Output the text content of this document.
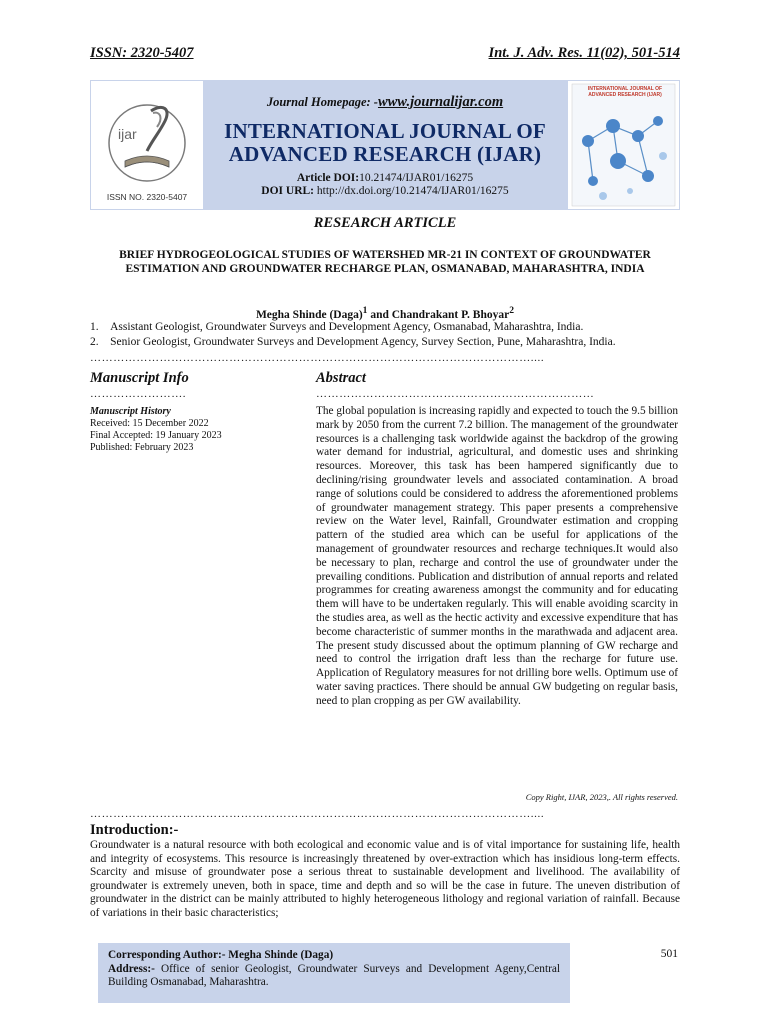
ISSN: 2320-5407	Int. J. Adv. Res. 11(02), 501-514
ijar
ISSN NO. 2320-5407
Journal Homepage: -www.journalijar.com
INTERNATIONAL JOURNAL OF
ADVANCED RESEARCH (IJAR)
Article DOI:10.21474/IJAR01/16275
DOI URL: http://dx.doi.org/10.21474/IJAR01/16275
INTERNATIONAL JOURNAL OF ADVANCED RESEARCH (IJAR)
RESEARCH ARTICLE
BRIEF HYDROGEOLOGICAL STUDIES OF WATERSHED MR-21 IN CONTEXT OF GROUNDWATER ESTIMATION AND GROUNDWATER RECHARGE PLAN, OSMANABAD, MAHARASHTRA, INDIA
Megha Shinde (Daga)$^1$ and Chandrakant P. Bhoyar$^2$
1. Assistant Geologist, Groundwater Surveys and Development Agency, Osmanabad, Maharashtra, India.
2. Senior Geologist, Groundwater Surveys and Development Agency, Survey Section, Pune, Maharashtra, India.
……………………………………………………………………………………………………....
Manuscript Info	Abstract
…………………….	………………………………………………………………
Manuscript History
Received: 15 December 2022
Final Accepted: 19 January 2023
Published: February 2023
The global population is increasing rapidly and expected to touch the 9.5 billion mark by 2050 from the current 7.2 billion. The management of the groundwater resources is a challenging task worldwide against the backdrop of the growing water demand for industrial, agricultural, and domestic uses and shrinking resources. Moreover, this task has been hampered significantly due to declining/rising groundwater levels and associated contamination. A broad range of solutions could be considered to address the aforementioned problems of groundwater management strategy. This paper presents a comprehensive review on the Water level, Rainfall, Groundwater estimation and cropping pattern of the studied area which can be useful for applications of the management of groundwater resources and recharge techniques.It would also be necessary to plan, recharge and control the use of groundwater under the prevailing conditions. Publication and distribution of annual reports and related programmes for creating awareness amongst the community and for educating them will have to be undertaken regularly. This will enable avoiding scarcity in the studies area, as well as the hectic activity and excessive expenditure that has become characteristic of summer months in the marathwada and adjacent area. The present study discussed about the optimum planning of GW recharge and need to control the irrigation draft less than the recharge for future use. Application of Regulatory measures for not drilling bore wells. Optimum use of water saving practices. There should be annual GW budgeting on regular basis, need to plan cropping as per GW availability.
Copy Right, IJAR, 2023,. All rights reserved.
……………………………………………………………………………………………………....
Introduction:-
Groundwater is a natural resource with both ecological and economic value and is of vital importance for sustaining life, health and integrity of ecosystems. This resource is increasingly threatened by over-extraction which has insidious long-term effects. Scarcity and misuse of groundwater pose a serious threat to sustainable development and livelihood. The availability of groundwater is extremely uneven, both in space, time and depth and so will be the case in future. The uneven distribution of groundwater in the district can be mainly attributed to highly heterogeneous lithology and regional variation of rainfall. Because of variations in their basic characteristics;
Corresponding Author:- Megha Shinde (Daga)
Address:- Office of senior Geologist, Groundwater Surveys and Development Ageny,Central Building Osmanabad, Maharashtra.
501
